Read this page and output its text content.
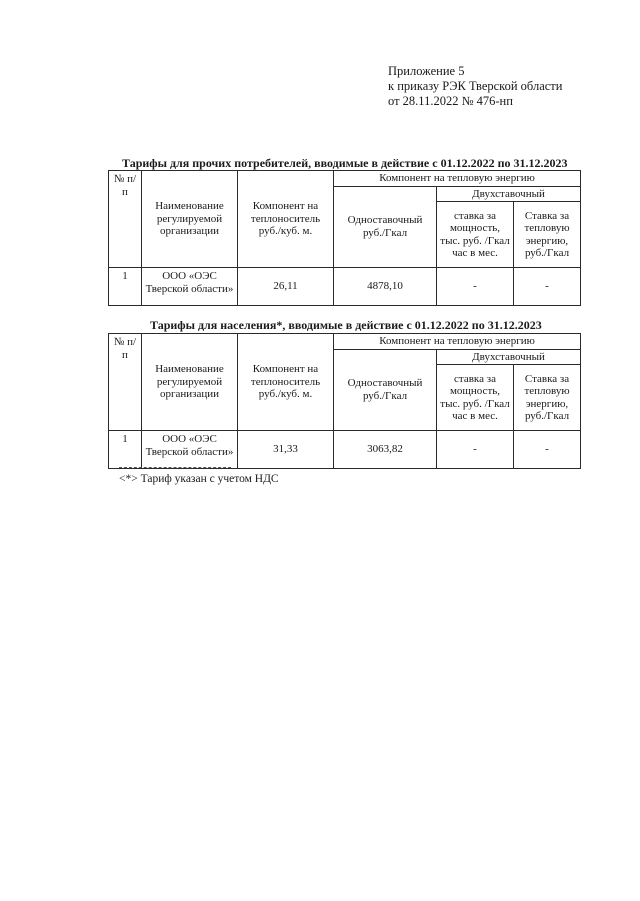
Приложение 5
к приказу РЭК Тверской области
от 28.11.2022 № 476-нп
Тарифы для прочих потребителей, вводимые в действие с 01.12.2022 по 31.12.2023
№ п/п	Наименование регулируемой организации	Компонент на теплоноситель руб./куб. м.	Компонент на тепловую энергию		
			Одноставочный руб./Гкал	Двухставочный	
				ставка за мощность, тыс. руб. /Гкал час в мес.	Ставка за тепловую энергию, руб./Гкал
1	ООО «ОЭС Тверской области»	26,11	4878,10	-	-
Тарифы для населения*, вводимые в действие с 01.12.2022 по 31.12.2023
№ п/п	Наименование регулируемой организации	Компонент на теплоноситель руб./куб. м.	Компонент на тепловую энергию		
			Одноставочный руб./Гкал	Двухставочный	
				ставка за мощность, тыс. руб. /Гкал час в мес.	Ставка за тепловую энергию, руб./Гкал
1	ООО «ОЭС Тверской области»	31,33	3063,82	-	-
<*> Тариф указан с учетом НДС
